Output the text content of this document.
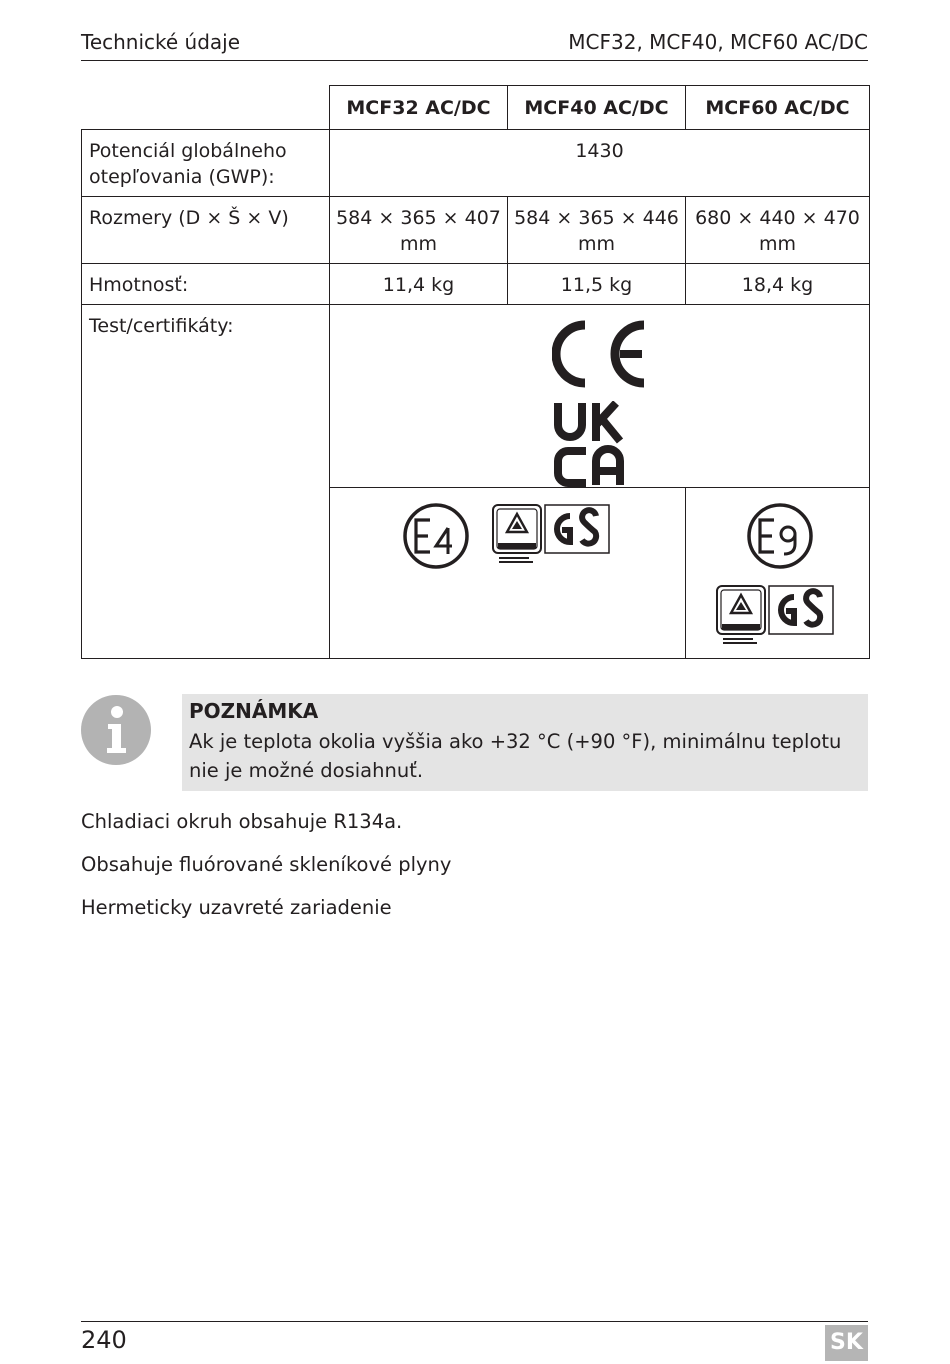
Technické údaje	MCF32, MCF40, MCF60 AC/DC
	MCF32 AC/DC	MCF40 AC/DC	MCF60 AC/DC
Potenciál globálneho otepľovania (GWP):	1430		
Rozmery (D × Š × V)	584 × 365 × 407 mm	584 × 365 × 446 mm	680 × 440 × 470 mm
Hmotnosť:	11,4 kg	11,5 kg	18,4 kg
Test/certifikáty:	

POZNÁMKA
Ak je teplota okolia vyššia ako +32 °C (+90 °F), minimálnu teplotu nie je možné dosiahnuť.
Chladiaci okruh obsahuje R134a.
Obsahuje fluórované skleníkové plyny
Hermeticky uzavreté zariadenie
240	SK
